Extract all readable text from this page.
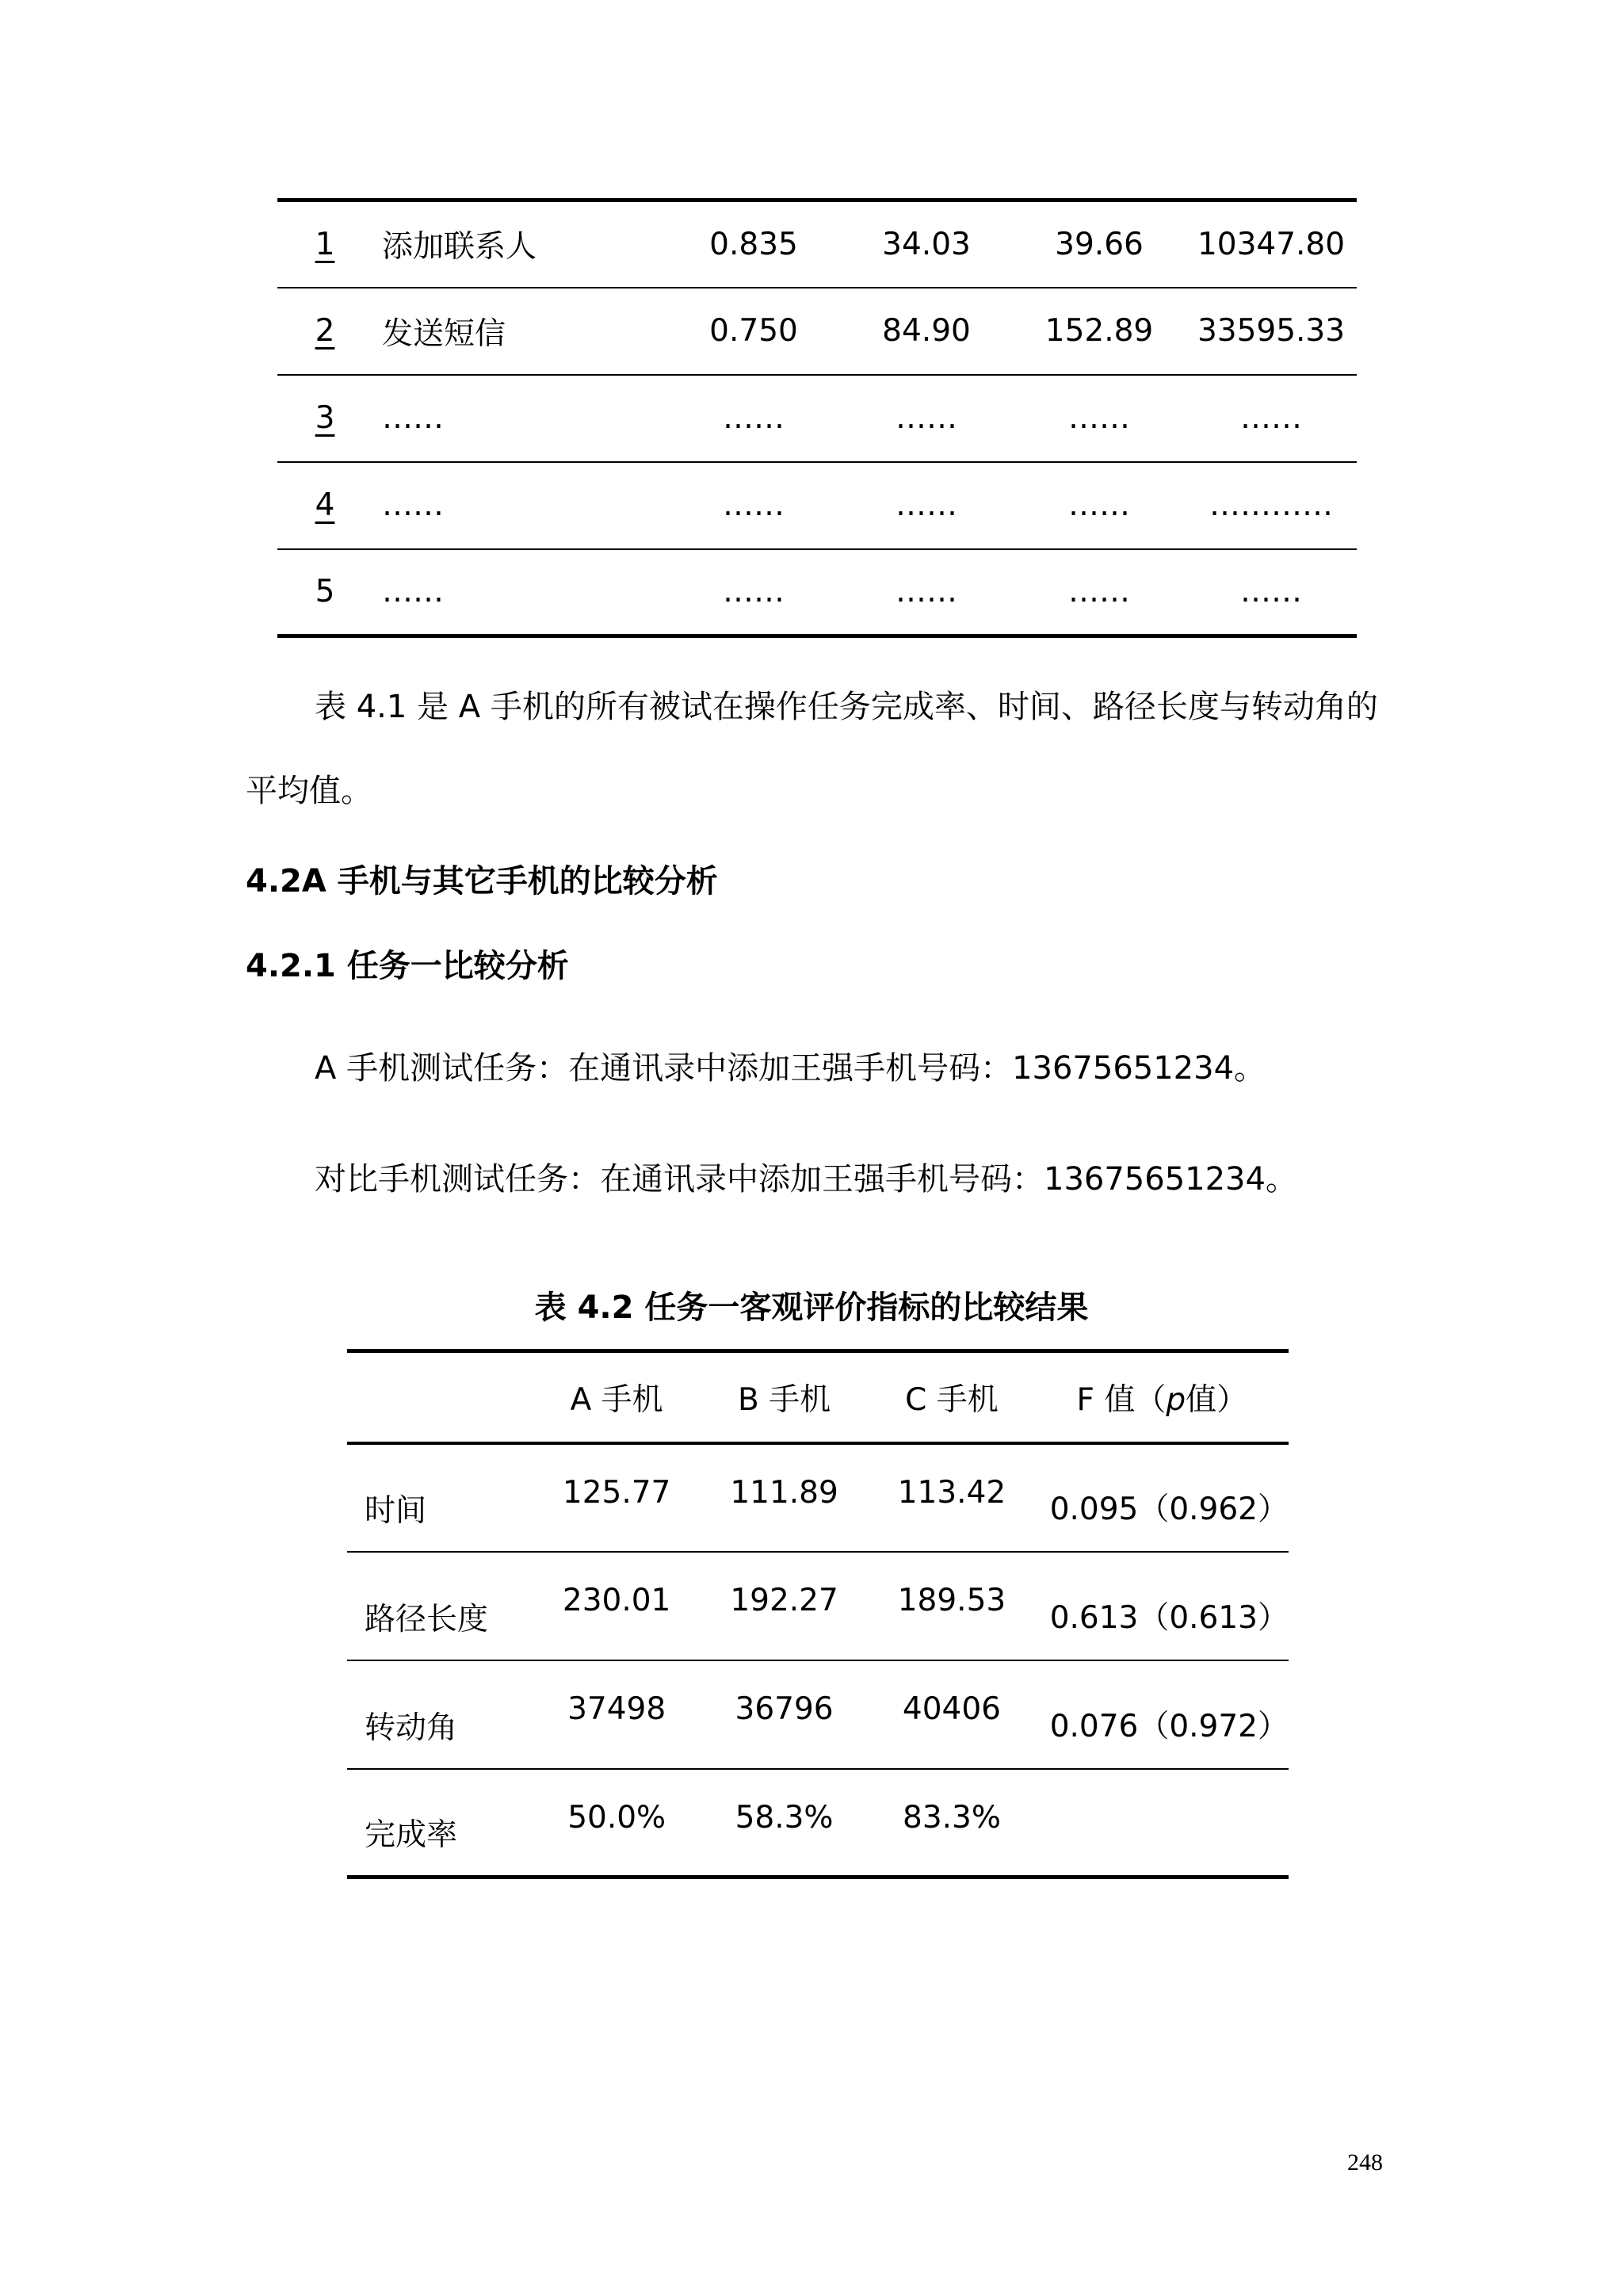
1	添加联系人	0.835	34.03	39.66	10347.80
2	发送短信	0.750	84.90	152.89	33595.33
3	……	……	……	……	……
4	……	……	……	……	…………
5	……	……	……	……	……
表 4.1 是 A 手机的所有被试在操作任务完成率、时间、路径长度与转动角的
平均值。
4.2A 手机与其它手机的比较分析
4.2.1 任务一比较分析
A 手机测试任务：在通讯录中添加王强手机号码：13675651234。
对比手机测试任务：在通讯录中添加王强手机号码：13675651234。
表 4.2 任务一客观评价指标的比较结果
	A 手机	B 手机	C 手机	F 值（p值）
时间	125.77	111.89	113.42	0.095（0.962）
路径长度	230.01	192.27	189.53	0.613（0.613）
转动角	37498	36796	40406	0.076（0.972）
完成率	50.0%	58.3%	83.3%	
248
